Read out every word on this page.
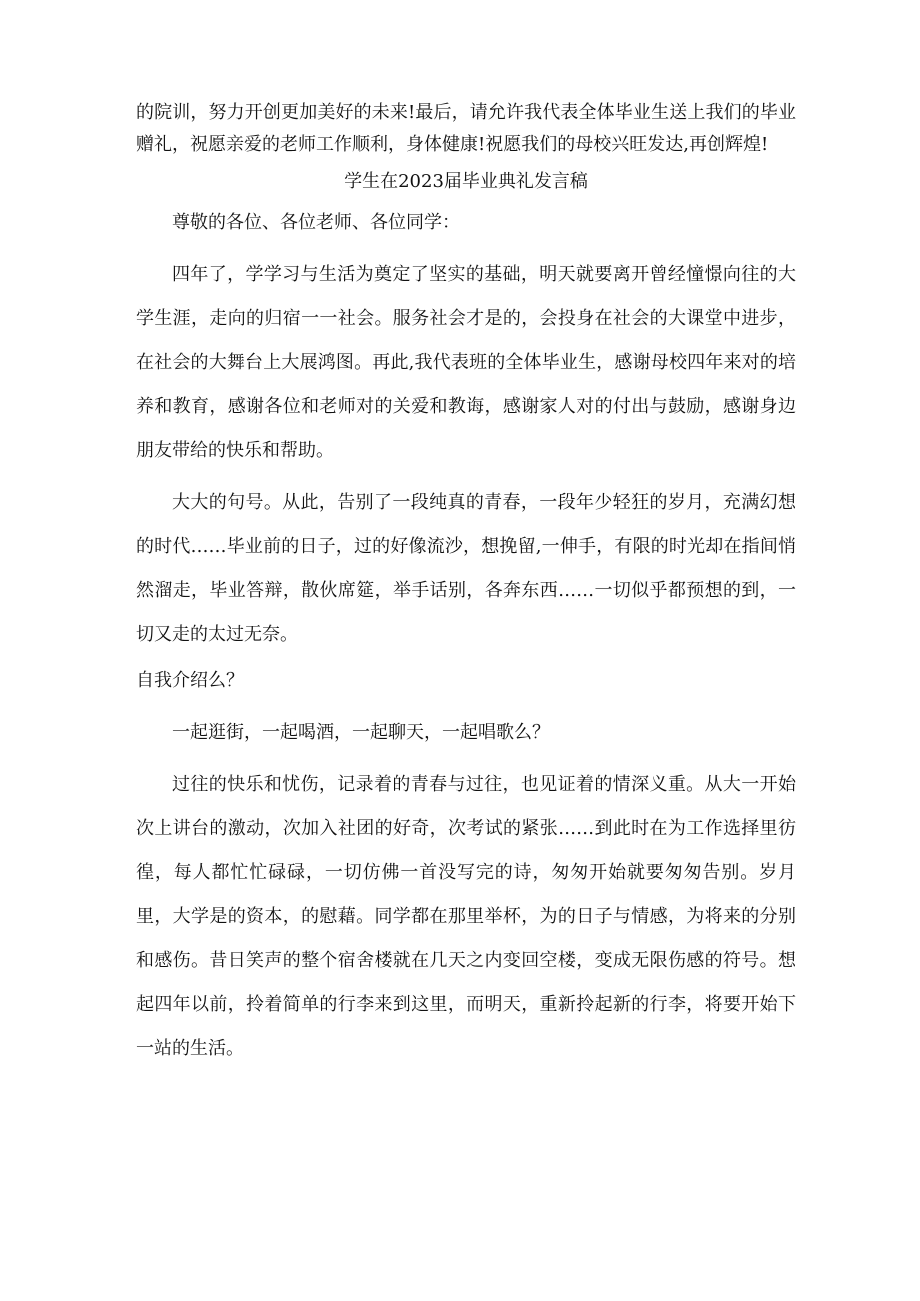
的院训，努力开创更加美好的未来!最后，请允许我代表全体毕业生送上我们的毕业赠礼，祝愿亲爱的老师工作顺利，身体健康!祝愿我们的母校兴旺发达,再创辉煌!

学生在2023届毕业典礼发言稿

尊敬的各位、各位老师、各位同学：

四年了，学学习与生活为奠定了坚实的基础，明天就要离开曾经憧憬向往的大学生涯，走向的归宿一一社会。服务社会才是的，会投身在社会的大课堂中进步，在社会的大舞台上大展鸿图。再此,我代表班的全体毕业生，感谢母校四年来对的培养和教育，感谢各位和老师对的关爱和教诲，感谢家人对的付出与鼓励，感谢身边朋友带给的快乐和帮助。

大大的句号。从此，告别了一段纯真的青春，一段年少轻狂的岁月，充满幻想的时代……毕业前的日子，过的好像流沙，想挽留,一伸手，有限的时光却在指间悄然溜走，毕业答辩，散伙席筵，举手话别，各奔东西……一切似乎都预想的到，一切又走的太过无奈。

自我介绍么？

一起逛街，一起喝酒，一起聊天，一起唱歌么？

过往的快乐和忧伤，记录着的青春与过往，也见证着的情深义重。从大一开始次上讲台的激动，次加入社团的好奇，次考试的紧张……到此时在为工作选择里彷徨，每人都忙忙碌碌，一切仿佛一首没写完的诗，匆匆开始就要匆匆告别。岁月里，大学是的资本，的慰藉。同学都在那里举杯，为的日子与情感，为将来的分别和感伤。昔日笑声的整个宿舍楼就在几天之内变回空楼，变成无限伤感的符号。想起四年以前，拎着简单的行李来到这里，而明天，重新拎起新的行李，将要开始下一站的生活。
